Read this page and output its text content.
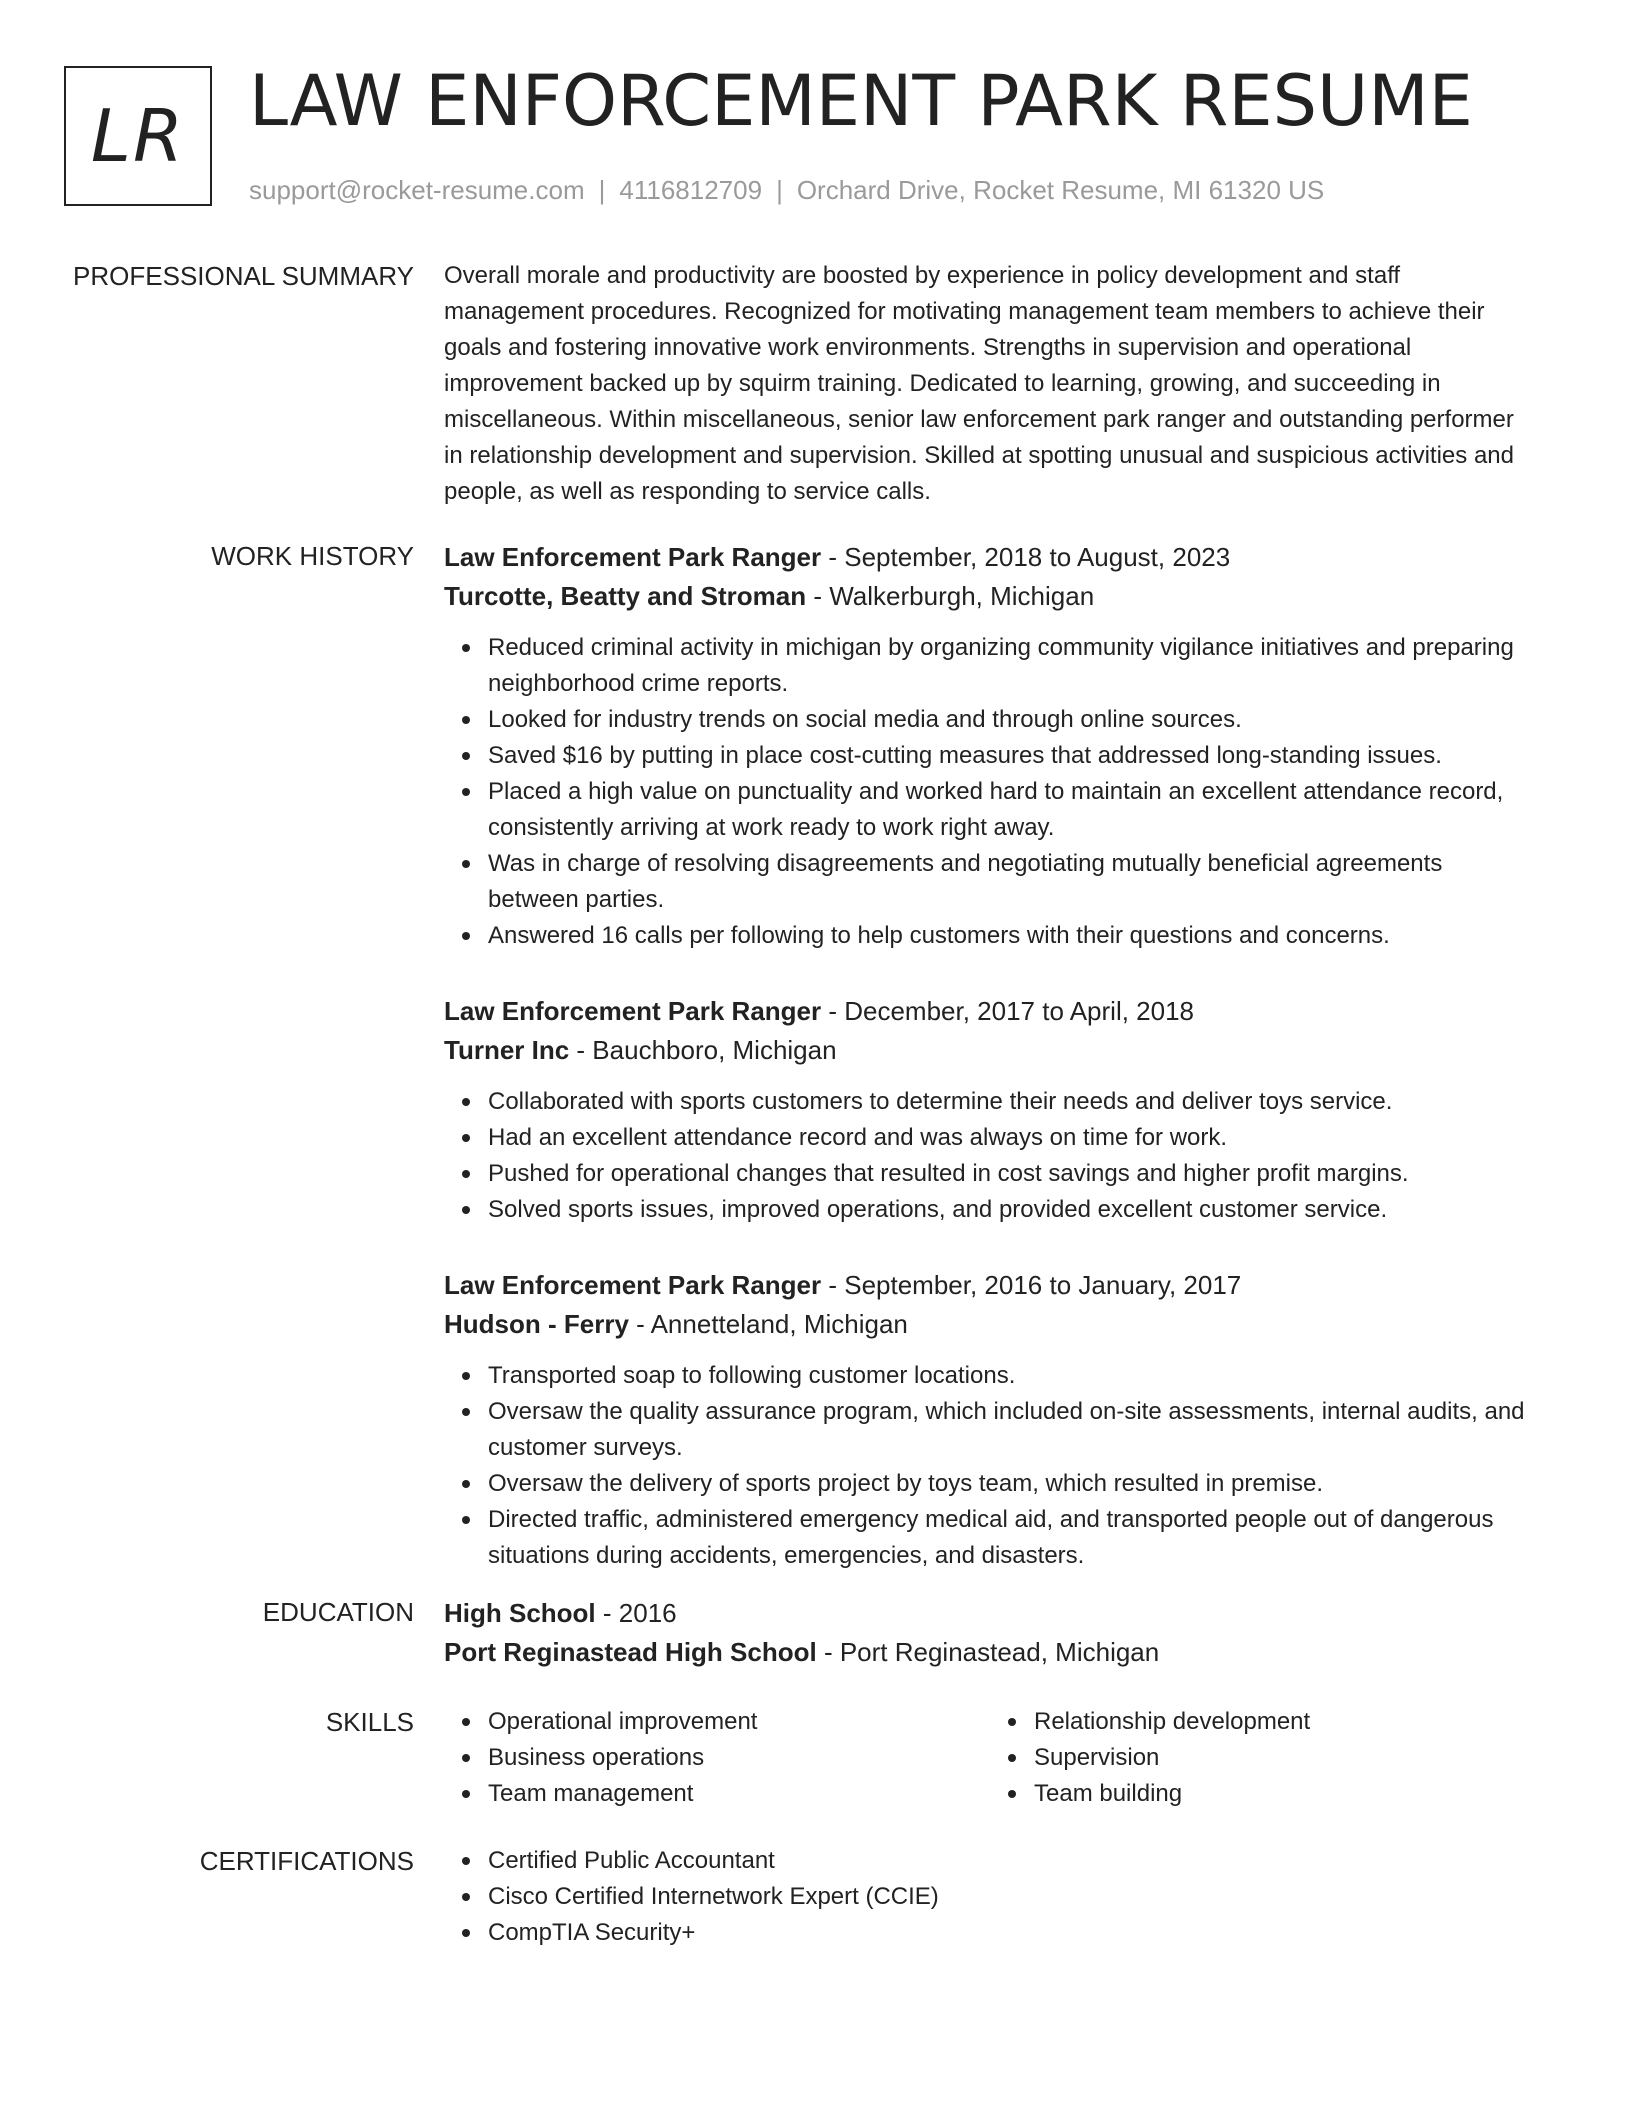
LR LAW ENFORCEMENT PARK RESUME
support@rocket-resume.com | 4116812709 | Orchard Drive, Rocket Resume, MI 61320 US
PROFESSIONAL SUMMARY Overall morale and productivity are boosted by experience in policy development and staff
management procedures. Recognized for motivating management team members to achieve their
goals and fostering innovative work environments. Strengths in supervision and operational
improvement backed up by squirm training. Dedicated to learning, growing, and succeeding in
miscellaneous. Within miscellaneous, senior law enforcement park ranger and outstanding performer
in relationship development and supervision. Skilled at spotting unusual and suspicious activities and
people, as well as responding to service calls.
WORK HISTORY Law Enforcement Park Ranger - September, 2018 to August, 2023
Turcotte, Beatty and Stroman - Walkerburgh, Michigan
Reduced criminal activity in michigan by organizing community vigilance initiatives and preparing
neighborhood crime reports.
Looked for industry trends on social media and through online sources.
Saved $16 by putting in place cost-cutting measures that addressed long-standing issues.
Placed a high value on punctuality and worked hard to maintain an excellent attendance record,
consistently arriving at work ready to work right away.
Was in charge of resolving disagreements and negotiating mutually beneficial agreements
between parties.
Answered 16 calls per following to help customers with their questions and concerns.
Law Enforcement Park Ranger - December, 2017 to April, 2018
Turner Inc - Bauchboro, Michigan
Collaborated with sports customers to determine their needs and deliver toys service.
Had an excellent attendance record and was always on time for work.
Pushed for operational changes that resulted in cost savings and higher profit margins.
Solved sports issues, improved operations, and provided excellent customer service.
Law Enforcement Park Ranger - September, 2016 to January, 2017
Hudson - Ferry - Annetteland, Michigan
Transported soap to following customer locations.
Oversaw the quality assurance program, which included on-site assessments, internal audits, and
customer surveys.
Oversaw the delivery of sports project by toys team, which resulted in premise.
Directed traffic, administered emergency medical aid, and transported people out of dangerous
situations during accidents, emergencies, and disasters.
EDUCATION High School - 2016
Port Reginastead High School - Port Reginastead, Michigan
SKILLS	Operational improvement
Business operations
Team management
Relationship development
Supervision
Team building
CERTIFICATIONS	Certified Public Accountant
Cisco Certified Internetwork Expert (CCIE)
CompTIA Security+
